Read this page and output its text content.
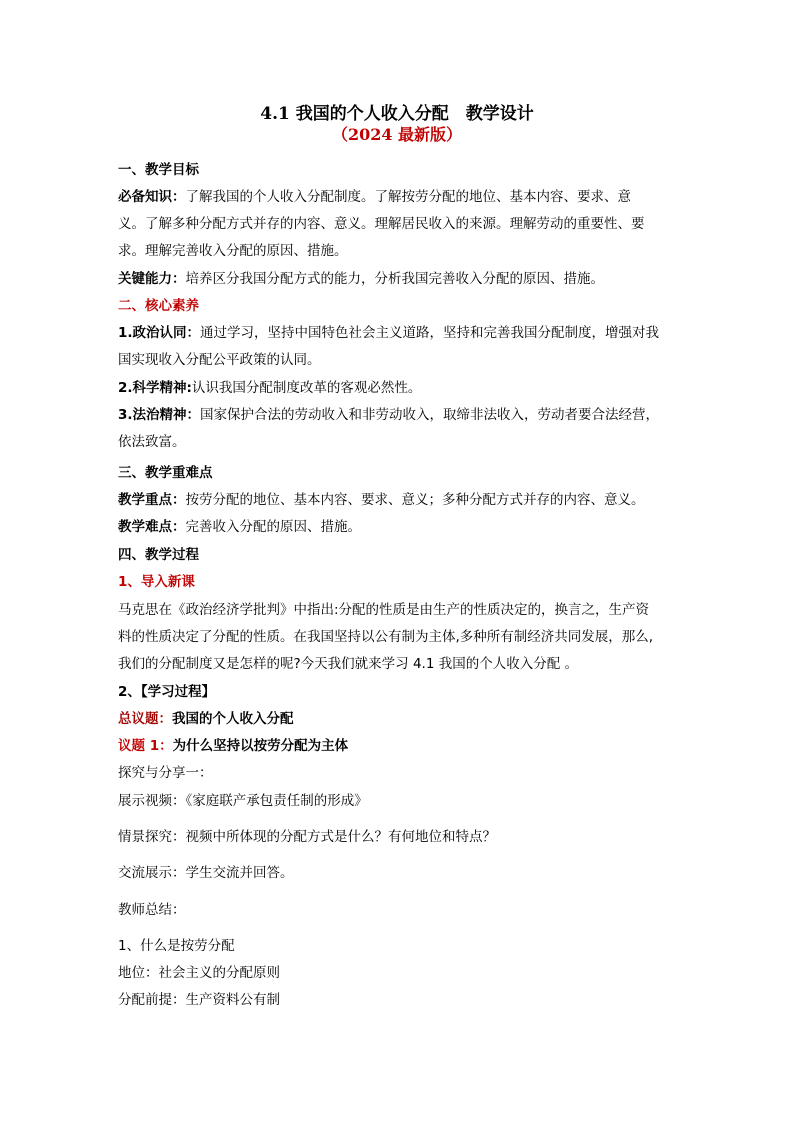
4.1 我国的个人收入分配　教学设计
（2024 最新版）
一、教学目标
必备知识：了解我国的个人收入分配制度。了解按劳分配的地位、基本内容、要求、意
义。了解多种分配方式并存的内容、意义。理解居民收入的来源。理解劳动的重要性、要
求。理解完善收入分配的原因、措施。
关键能力：培养区分我国分配方式的能力，分析我国完善收入分配的原因、措施。
二、核心素养
1.政治认同：通过学习，坚持中国特色社会主义道路，坚持和完善我国分配制度，增强对我
国实现收入分配公平政策的认同。
2.科学精神:认识我国分配制度改革的客观必然性。
3.法治精神：国家保护合法的劳动收入和非劳动收入，取缔非法收入，劳动者要合法经营，
依法致富。
三、教学重难点
教学重点：按劳分配的地位、基本内容、要求、意义；多种分配方式并存的内容、意义。
教学难点：完善收入分配的原因、措施。
四、教学过程
1、导入新课
马克思在《政治经济学批判》中指出:分配的性质是由生产的性质决定的，换言之，生产资
料的性质决定了分配的性质。在我国坚持以公有制为主体,多种所有制经济共同发展，那么,
我们的分配制度又是怎样的呢?今天我们就来学习 4.1 我国的个人收入分配 。
2、【学习过程】
总议题：我国的个人收入分配
议题 1：为什么坚持以按劳分配为主体
探究与分享一：
展示视频：《家庭联产承包责任制的形成》
情景探究：视频中所体现的分配方式是什么？有何地位和特点？
交流展示：学生交流并回答。
教师总结：
1、什么是按劳分配
地位：社会主义的分配原则
分配前提：生产资料公有制
